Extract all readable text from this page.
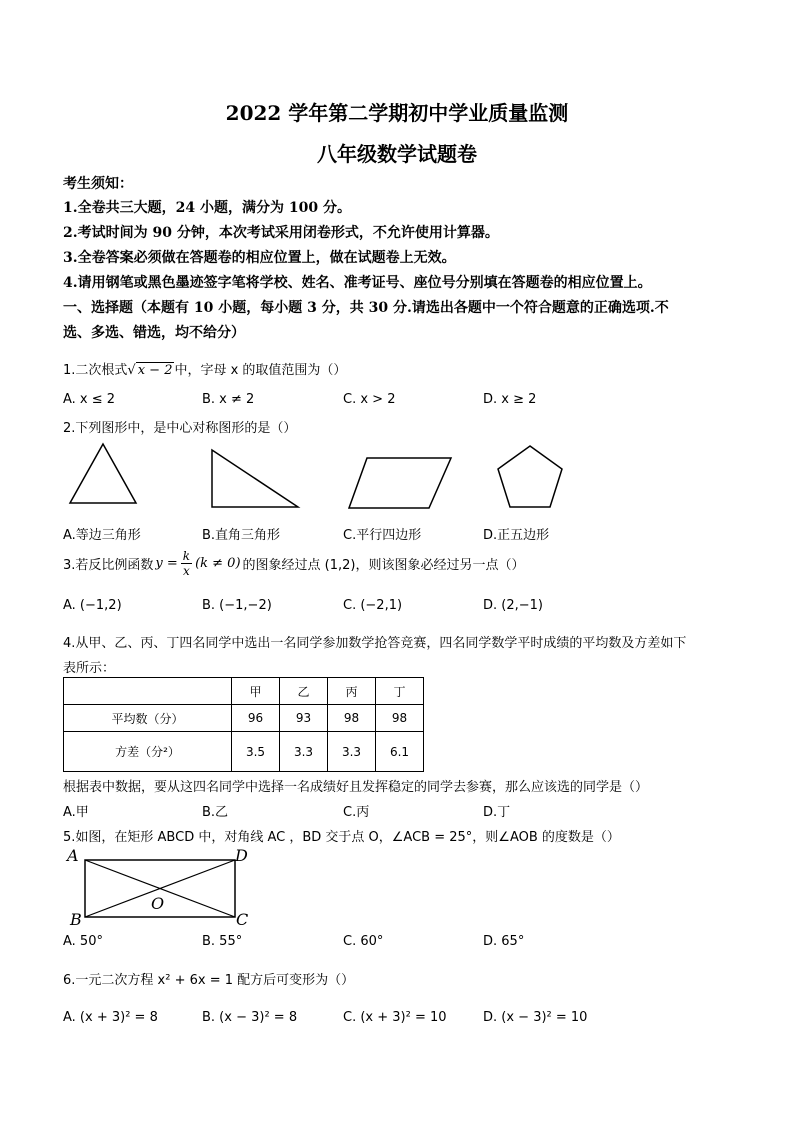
2022 学年第二学期初中学业质量监测
八年级数学试题卷
考生须知：
1.全卷共三大题，24 小题，满分为 100 分。
2.考试时间为 90 分钟，本次考试采用闭卷形式，不允许使用计算器。
3.全卷答案必须做在答题卷的相应位置上，做在试题卷上无效。
4.请用钢笔或黑色墨迹签字笔将学校、姓名、准考证号、座位号分别填在答题卷的相应位置上。
一、选择题（本题有 10 小题，每小题 3 分，共 30 分.请选出各题中一个符合题意的正确选项.不
选、多选、错选，均不给分）
1.二次根式√ x − 2 中，字母 x 的取值范围为（）
A. x ≤ 2	B. x ≠ 2	C. x > 2	D. x ≥ 2
2.下列图形中，是中心对称图形的是（）
A.等边三角形	B.直角三角形	C.平行四边形	D.正五边形
3.若反比例函数 $y = \frac{k}{x} (k \ne 0)$ 的图象经过点 (1,2)，则该图象必经过另一点（）
A. (−1,2)	B. (−1,−2)	C. (−2,1)	D. (2,−1)
4.从甲、乙、丙、丁四名同学中选出一名同学参加数学抢答竞赛，四名同学数学平时成绩的平均数及方差如下
表所示：
	甲	乙	丙	丁
平均数（分）	96	93	98	98
方差（分²）	3.5	3.3	3.3	6.1
根据表中数据，要从这四名同学中选择一名成绩好且发挥稳定的同学去参赛，那么应该选的同学是（）
A.甲	B.乙	C.丙	D.丁
5.如图，在矩形 ABCD 中，对角线 AC ，BD 交于点 O，∠ACB = 25°，则∠AOB 的度数是（）
A
B	C
D
O
A. 50°	B. 55°	C. 60°	D. 65°
6.一元二次方程 x² + 6x = 1 配方后可变形为（）
A. (x + 3)² = 8	B. (x − 3)² = 8	C. (x + 3)² = 10	D. (x − 3)² = 10
